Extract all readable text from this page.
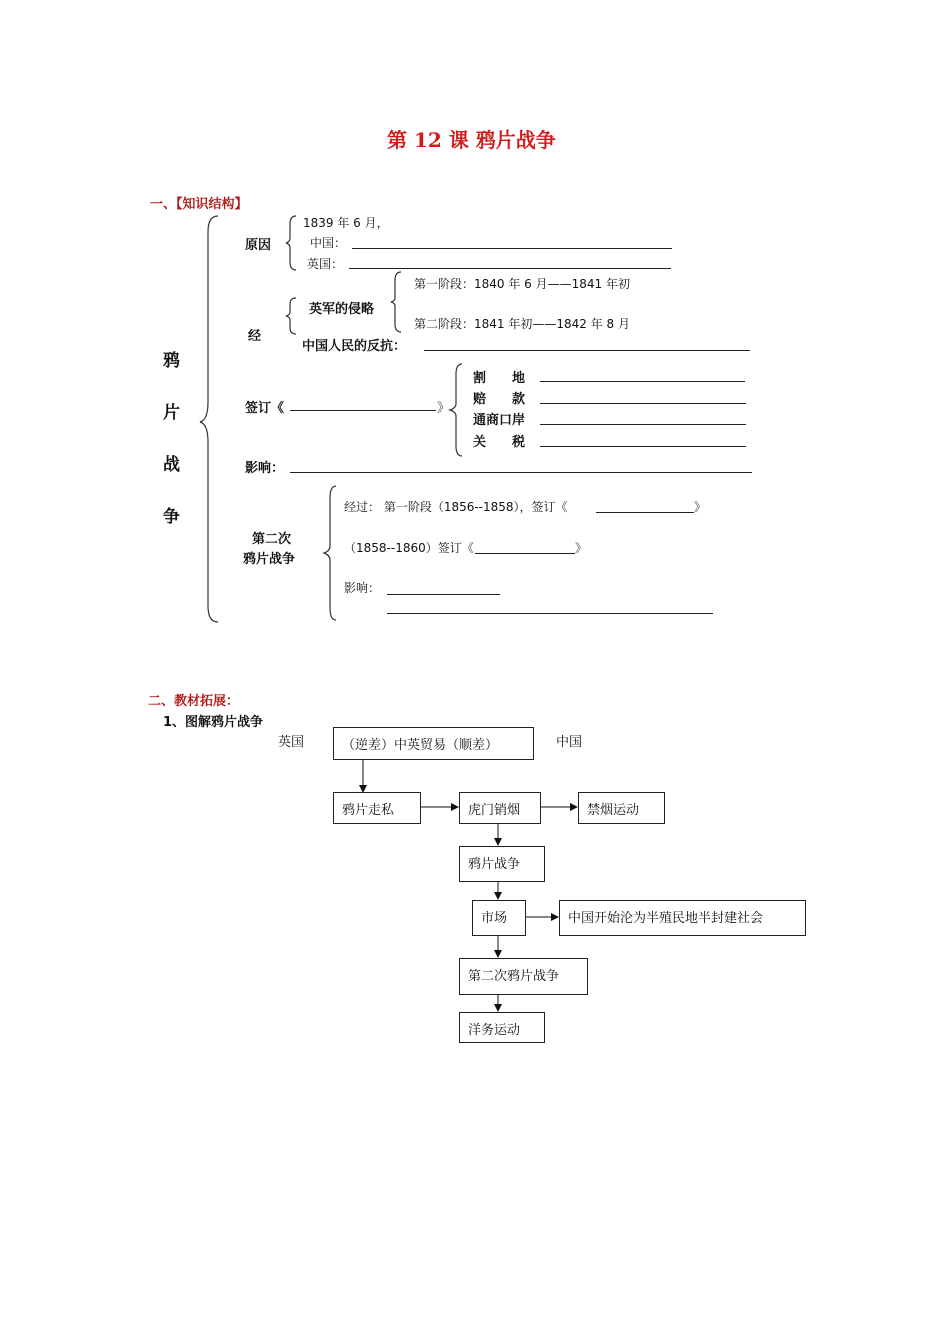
第 12 课 鸦片战争
一、【知识结构】
鸦
片
战
争
原因
1839 年 6 月，
中国：
英国：
经
英军的侵略
第一阶段：1840 年 6 月——1841 年初
第二阶段：1841 年初——1842 年 8 月
中国人民的反抗：
签订《	》
割　　地
赔　　款
通商口岸
关　　税
影响：
第二次
鸦片战争
经过： 第一阶段（1856--1858），签订《	》
（1858--1860）签订《	》
影响：
二、教材拓展：
1、图解鸦片战争
英国	中国
（逆差）中英贸易（顺差）
鸦片走私	虎门销烟	禁烟运动
鸦片战争
市场	中国开始沦为半殖民地半封建社会
第二次鸦片战争
洋务运动
